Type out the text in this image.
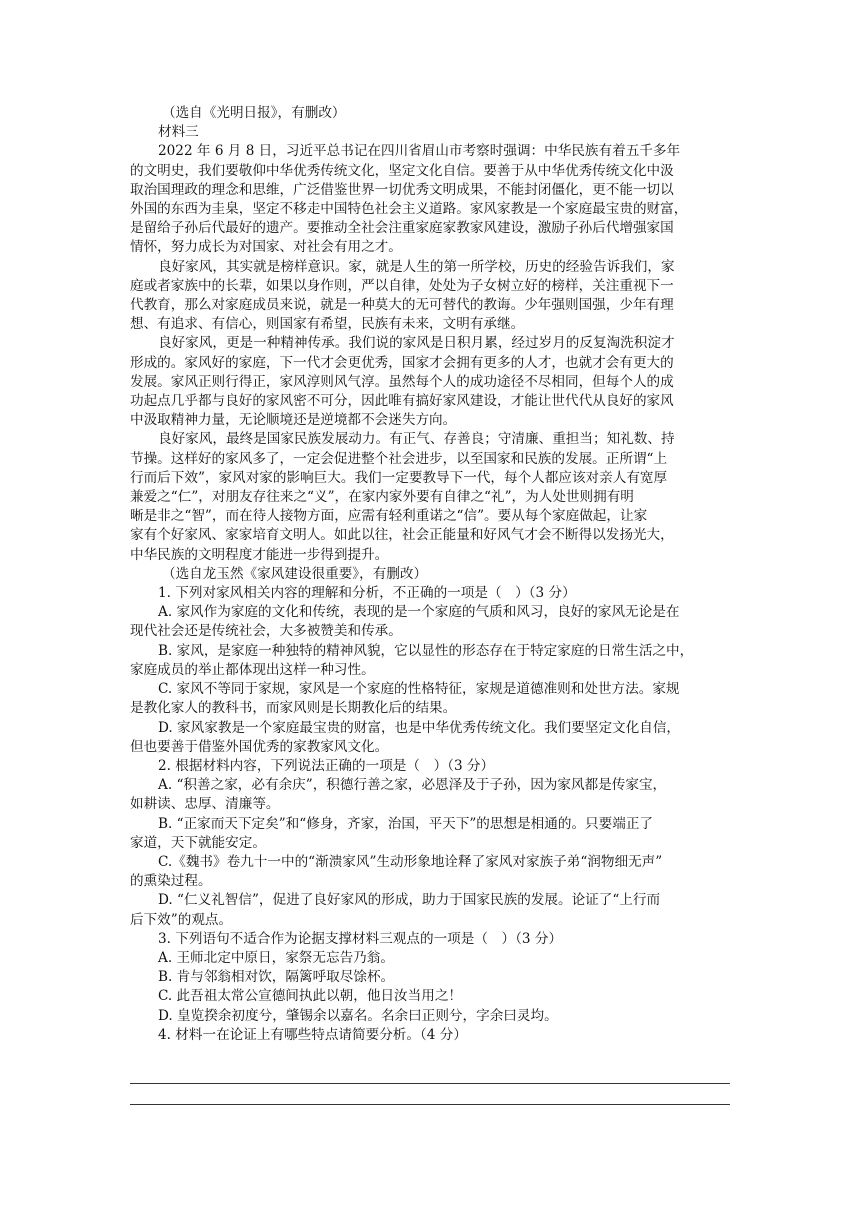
（选自《光明日报》，有删改）
材料三
2022 年 6 月 8 日，习近平总书记在四川省眉山市考察时强调：中华民族有着五千多年
的文明史，我们要敬仰中华优秀传统文化，坚定文化自信。要善于从中华优秀传统文化中汲
取治国理政的理念和思维，广泛借鉴世界一切优秀文明成果，不能封闭僵化，更不能一切以
外国的东西为圭臬，坚定不移走中国特色社会主义道路。家风家教是一个家庭最宝贵的财富，
是留给子孙后代最好的遗产。要推动全社会注重家庭家教家风建设，激励子孙后代增强家国
情怀，努力成长为对国家、对社会有用之才。
良好家风，其实就是榜样意识。家，就是人生的第一所学校，历史的经验告诉我们，家
庭或者家族中的长辈，如果以身作则，严以自律，处处为子女树立好的榜样，关注重视下一
代教育，那么对家庭成员来说，就是一种莫大的无可替代的教诲。少年强则国强，少年有理
想、有追求、有信心，则国家有希望，民族有未来，文明有承继。
良好家风，更是一种精神传承。我们说的家风是日积月累，经过岁月的反复淘洗积淀才
形成的。家风好的家庭，下一代才会更优秀，国家才会拥有更多的人才，也就才会有更大的
发展。家风正则行得正，家风淳则风气淳。虽然每个人的成功途径不尽相同，但每个人的成
功起点几乎都与良好的家风密不可分，因此唯有搞好家风建设，才能让世代代从良好的家风
中汲取精神力量，无论顺境还是逆境都不会迷失方向。
良好家风，最终是国家民族发展动力。有正气、存善良；守清廉、重担当；知礼数、持
节操。这样好的家风多了，一定会促进整个社会进步，以至国家和民族的发展。正所谓“上
行而后下效”，家风对家的影响巨大。我们一定要教导下一代，每个人都应该对亲人有宽厚
兼爱之“仁”，对朋友存往来之“义”，在家内家外要有自律之“礼”，为人处世则拥有明
晰是非之“智”，而在待人接物方面，应需有轻利重诺之“信”。要从每个家庭做起，让家
家有个好家风、家家培育文明人。如此以往，社会正能量和好风气才会不断得以发扬光大，
中华民族的文明程度才能进一步得到提升。
（选自龙玉然《家风建设很重要》，有删改）
1. 下列对家风相关内容的理解和分析，不正确的一项是（　）（3 分）
A. 家风作为家庭的文化和传统，表现的是一个家庭的气质和风习，良好的家风无论是在
现代社会还是传统社会，大多被赞美和传承。
B. 家风，是家庭一种独特的精神风貌，它以显性的形态存在于特定家庭的日常生活之中，
家庭成员的举止都体现出这样一种习性。
C. 家风不等同于家规，家风是一个家庭的性格特征，家规是道德准则和处世方法。家规
是教化家人的教科书，而家风则是长期教化后的结果。
D. 家风家教是一个家庭最宝贵的财富，也是中华优秀传统文化。我们要坚定文化自信，
但也要善于借鉴外国优秀的家教家风文化。
2. 根据材料内容，下列说法正确的一项是（　）（3 分）
A. “积善之家，必有余庆”，积德行善之家，必恩泽及于子孙，因为家风都是传家宝，
如耕读、忠厚、清廉等。
B. “正家而天下定矣”和“修身，齐家，治国，平天下”的思想是相通的。只要端正了
家道，天下就能安定。
C.《魏书》卷九十一中的“渐溃家风”生动形象地诠释了家风对家族子弟“润物细无声”
的熏染过程。
D. “仁义礼智信”，促进了良好家风的形成，助力于国家民族的发展。论证了“上行而
后下效”的观点。
3. 下列语句不适合作为论据支撑材料三观点的一项是（　）（3 分）
A. 王师北定中原日，家祭无忘告乃翁。
B. 肯与邻翁相对饮，隔篱呼取尽馀杯。
C. 此吾祖太常公宣德间执此以朝，他日汝当用之！
D. 皇览揆余初度兮，肇锡余以嘉名。名余曰正则兮，字余曰灵均。
4. 材料一在论证上有哪些特点请简要分析。（4 分）
